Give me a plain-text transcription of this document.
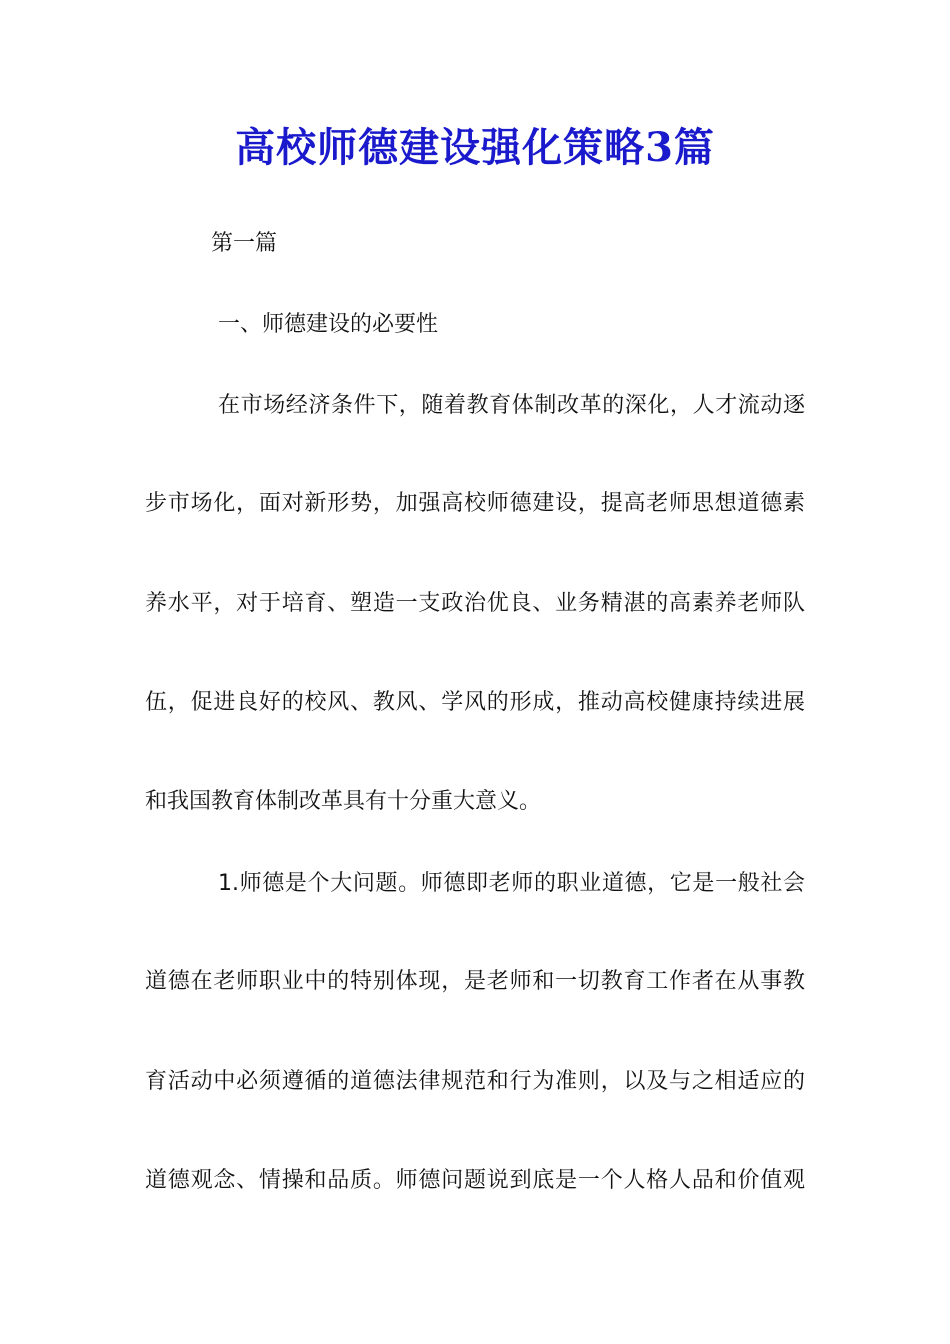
高校师德建设强化策略3篇

第一篇

一、师德建设的必要性

在市场经济条件下，随着教育体制改革的深化，人才流动逐

步市场化，面对新形势，加强高校师德建设，提高老师思想道德素

养水平，对于培育、塑造一支政治优良、业务精湛的高素养老师队

伍，促进良好的校风、教风、学风的形成，推动高校健康持续进展

和我国教育体制改革具有十分重大意义。

1.师德是个大问题。师德即老师的职业道德，它是一般社会

道德在老师职业中的特别体现，是老师和一切教育工作者在从事教

育活动中必须遵循的道德法律规范和行为准则，以及与之相适应的

道德观念、情操和品质。师德问题说到底是一个人格人品和价值观
